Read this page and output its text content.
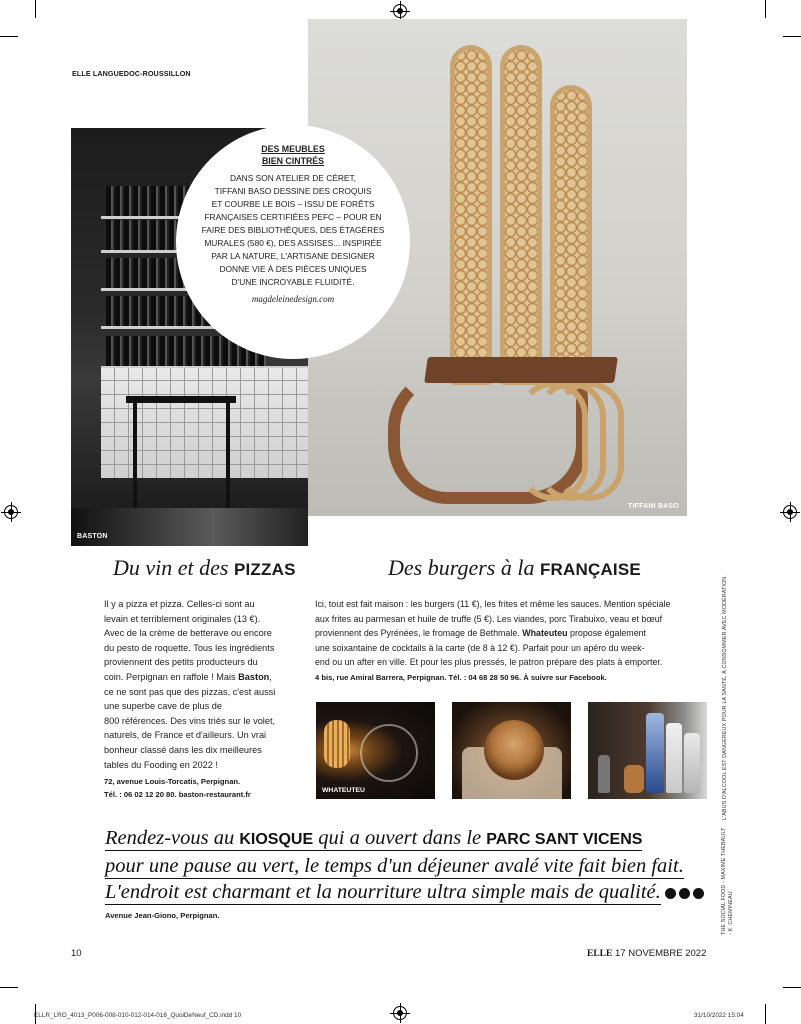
ELLE LANGUEDOC-ROUSSILLON
BASTON
TIFFANI BASO
DES MEUBLES
BIEN CINTRÉS
DANS SON ATELIER DE CÉRET,
TIFFANI BASO DESSINE DES CROQUIS
ET COURBE LE BOIS – ISSU DE FORÊTS
FRANÇAISES CERTIFIÉES PEFC – POUR EN
FAIRE DES BIBLIOTHÈQUES, DES ÉTAGÈRES
MURALES (580 €), DES ASSISES... INSPIRÉE
PAR LA NATURE, L'ARTISANE DESIGNER
DONNE VIE À DES PIÈCES UNIQUES
D'UNE INCROYABLE FLUIDITÉ.
magdeleinedesign.com
Du vin et des PIZZAS
Il y a pizza et pizza. Celles-ci sont au
levain et terriblement originales (13 €).
Avec de la crème de betterave ou encore
du pesto de roquette. Tous les ingrédients
proviennent des petits producteurs du
coin. Perpignan en raffole ! Mais Baston,
ce ne sont pas que des pizzas, c'est aussi
une superbe cave de plus de
800 références. Des vins triés sur le volet,
naturels, de France et d'ailleurs. Un vrai
bonheur classé dans les dix meilleures
tables du Fooding en 2022 !
72, avenue Louis-Torcatis, Perpignan.
Tél. : 06 02 12 20 80. baston-restaurant.fr
Des burgers à la FRANÇAISE
Ici, tout est fait maison : les burgers (11 €), les frites et même les sauces. Mention spéciale
aux frites au parmesan et huile de truffe (5 €). Les viandes, porc Tirabuixo, veau et bœuf
proviennent des Pyrénées, le fromage de Bethmale. Whateuteu propose également
une soixantaine de cocktails à la carte (de 8 à 12 €). Parfait pour un apéro du week-
end ou un after en ville. Et pour les plus pressés, le patron prépare des plats à emporter.
4 bis, rue Amiral Barrera, Perpignan. Tél. : 04 68 28 50 96. À suivre sur Facebook.
WHATEUTEU
Rendez-vous au KIOSQUE qui a ouvert dans le PARC SANT VICENS
pour une pause au vert, le temps d'un déjeuner avalé vite fait bien fait.
L'endroit est charmant et la nourriture ultra simple mais de qualité.
Avenue Jean-Giono, Perpignan.
10	ELLE 17 NOVEMBRE 2022
THE SOCIAL FOOD - MAXIME THEBAULT - K. CHEMINEAU
L'ABUS D'ALCOOL EST DANGEREUX POUR LA SANTÉ, À CONSOMMER AVEC MODÉRATION.
ELLR_LRO_4013_P006-008-010-012-014-016_QuoiDeNeuf_CD.indd 10	31/10/2022 15:04
